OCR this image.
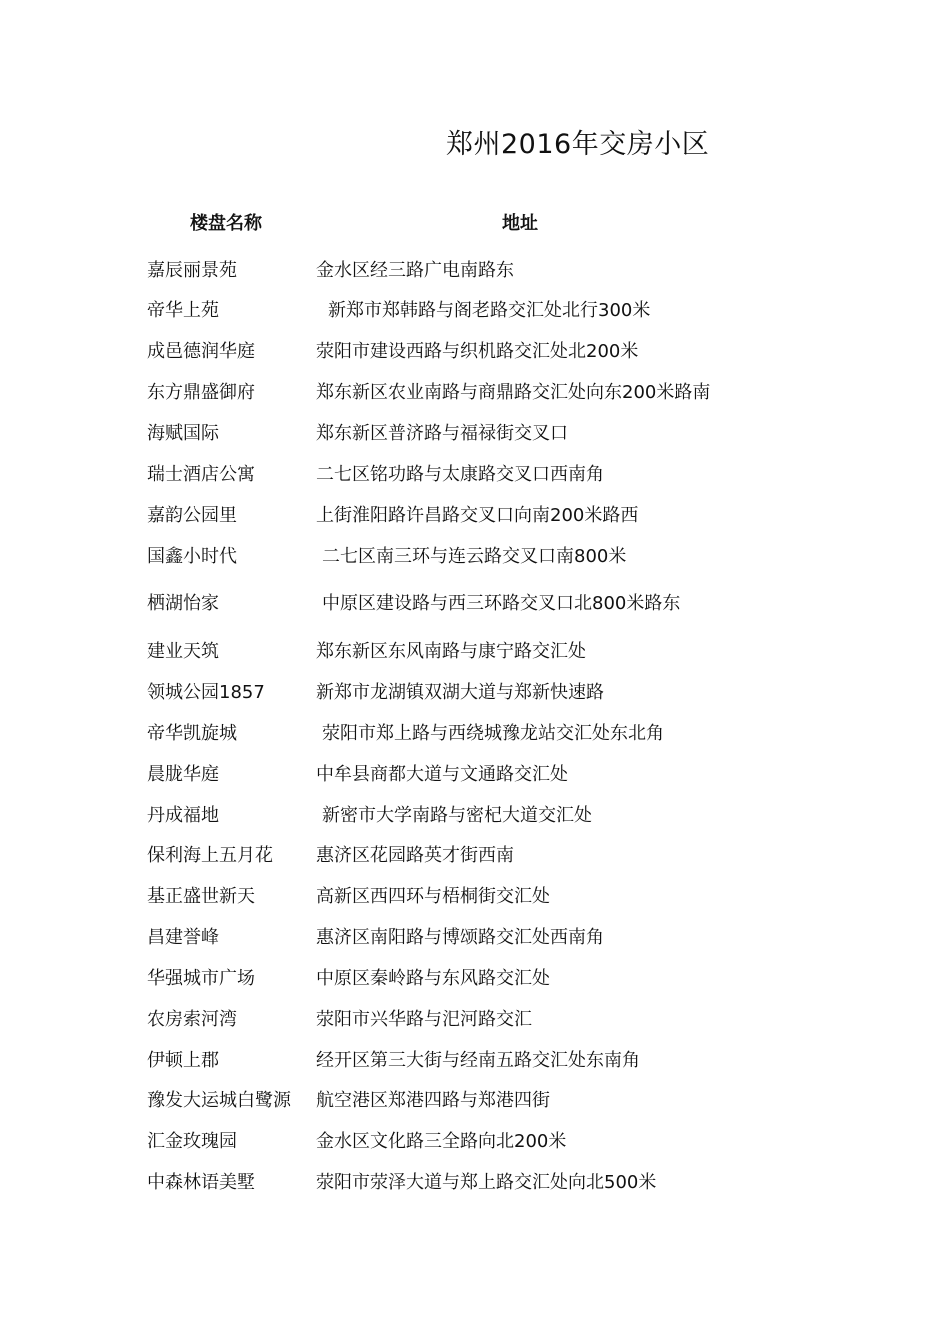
郑州2016年交房小区
楼盘名称	地址
嘉辰丽景苑	金水区经三路广电南路东
帝华上苑	新郑市郑韩路与阁老路交汇处北行300米
成邑德润华庭	荥阳市建设西路与织机路交汇处北200米
东方鼎盛御府	郑东新区农业南路与商鼎路交汇处向东200米路南
海赋国际	郑东新区普济路与福禄街交叉口
瑞士酒店公寓	二七区铭功路与太康路交叉口西南角
嘉韵公园里	上街淮阳路许昌路交叉口向南200米路西
国鑫小时代	二七区南三环与连云路交叉口南800米
栖湖怡家	中原区建设路与西三环路交叉口北800米路东
建业天筑	郑东新区东风南路与康宁路交汇处
领城公园1857	新郑市龙湖镇双湖大道与郑新快速路
帝华凯旋城	荥阳市郑上路与西绕城豫龙站交汇处东北角
晨胧华庭	中牟县商都大道与文通路交汇处
丹成福地	新密市大学南路与密杞大道交汇处
保利海上五月花 惠济区花园路英才街西南
基正盛世新天	高新区西四环与梧桐街交汇处
昌建誉峰	惠济区南阳路与博颂路交汇处西南角
华强城市广场	中原区秦岭路与东风路交汇处
农房索河湾	荥阳市兴华路与汜河路交汇
伊顿上郡	经开区第三大街与经南五路交汇处东南角
豫发大运城白鹭源 航空港区郑港四路与郑港四街
汇金玫瑰园	金水区文化路三全路向北200米
中森林语美墅	荥阳市荥泽大道与郑上路交汇处向北500米
